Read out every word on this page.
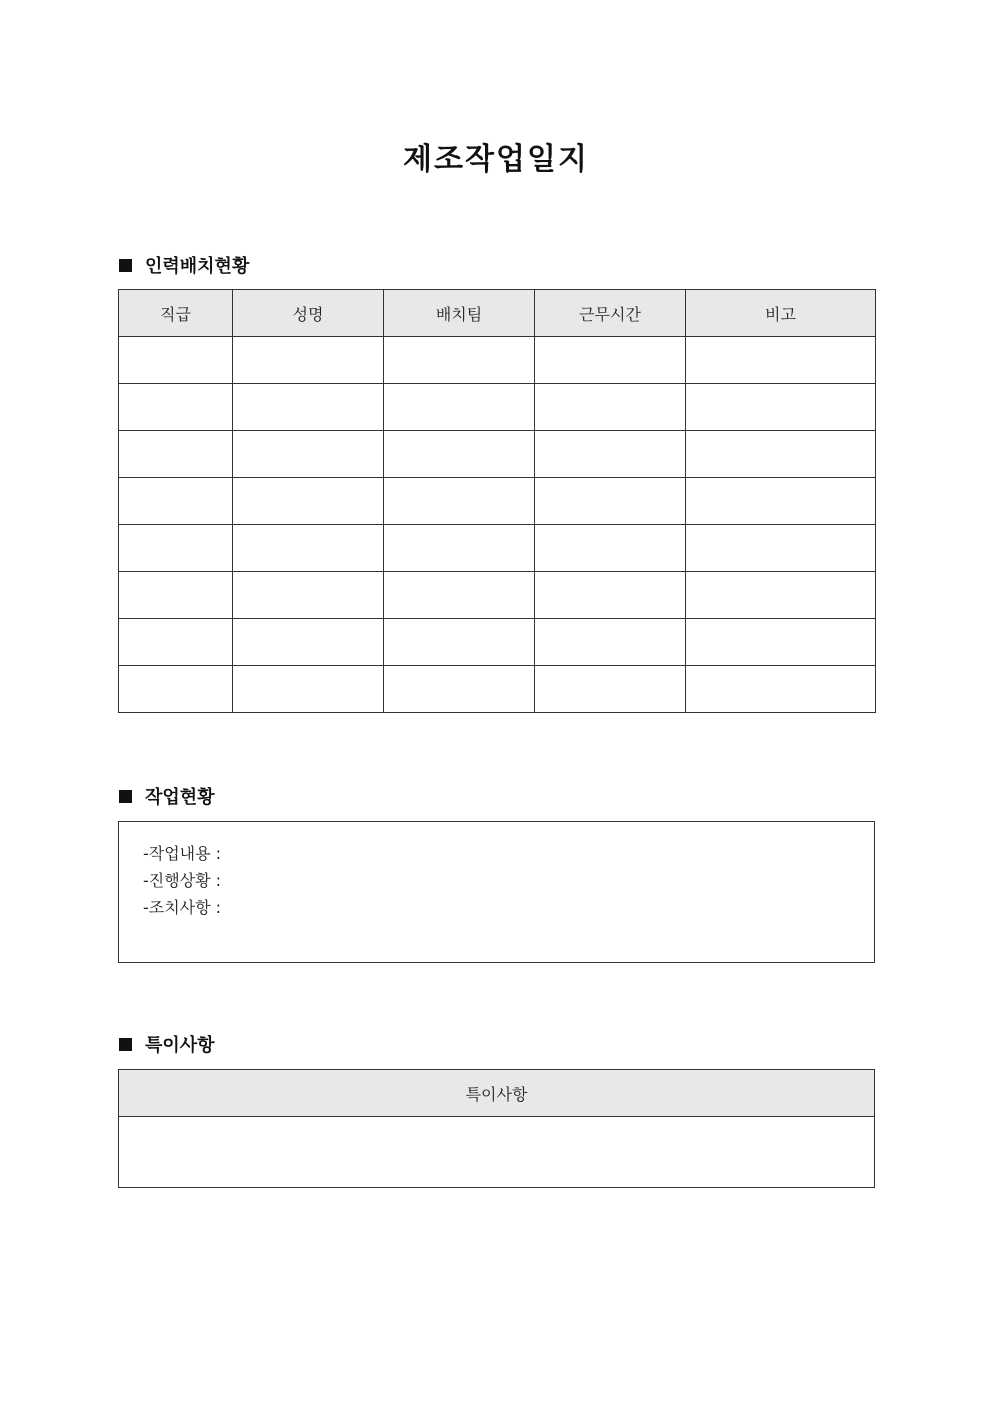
제조작업일지
인력배치현황
직급	성명	배치팀	근무시간	비고

작업현황
-작업내용 :
-진행상황 :
-조치사항 :
특이사항
특이사항
